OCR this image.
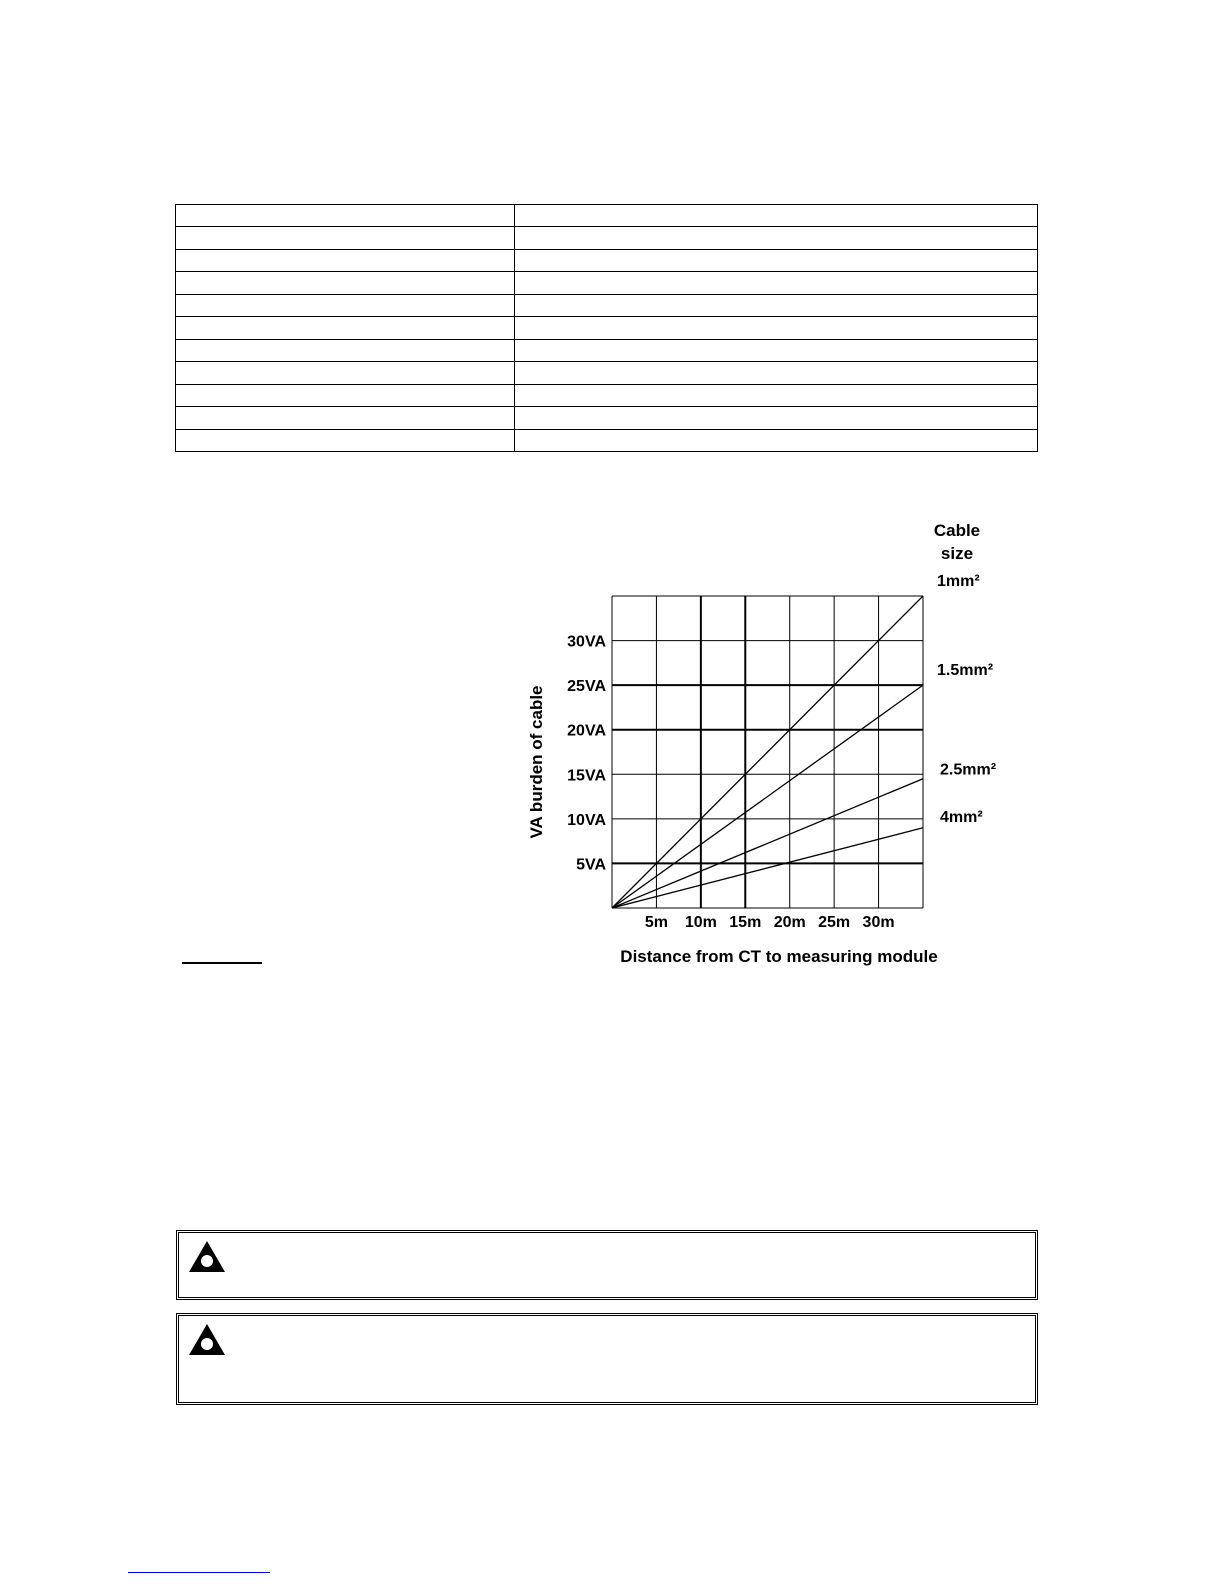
1mm²
1.5mm²
2.5mm²
4mm²
5VA
10VA
15VA
20VA
25VA
30VA
5m 10m 15m 20m 25m 30m
Cable size
VA burden of cable
Distance from CT to measuring module
